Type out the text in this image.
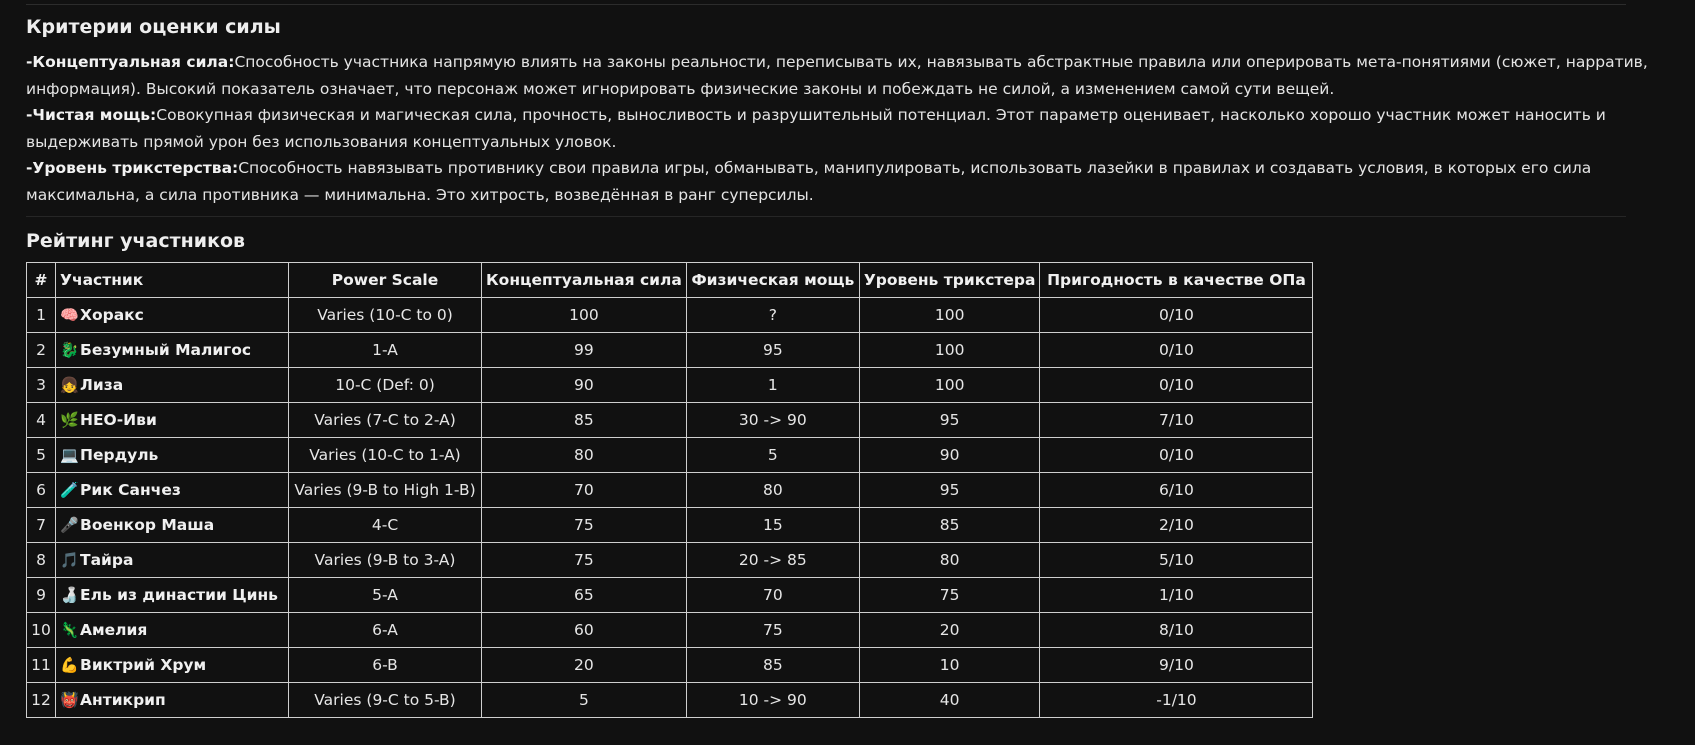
Критерии оценки силы

-Концептуальная сила:Способность участника напрямую влиять на законы реальности, переписывать их, навязывать абстрактные правила или оперировать мета-понятиями (сюжет, нарратив, информация). Высокий показатель означает, что персонаж может игнорировать физические законы и побеждать не силой, а изменением самой сути вещей.

-Чистая мощь:Совокупная физическая и магическая сила, прочность, выносливость и разрушительный потенциал. Этот параметр оценивает, насколько хорошо участник может наносить и выдерживать прямой урон без использования концептуальных уловок.

-Уровень трикстерства:Способность навязывать противнику свои правила игры, обманывать, манипулировать, использовать лазейки в правилах и создавать условия, в которых его сила максимальна, а сила противника — минимальна. Это хитрость, возведённая в ранг суперсилы.

Рейтинг участников
#	Участник	Power Scale	Концептуальная сила	Физическая мощь	Уровень трикстера	Пригодность в качестве ОПа
1	🧠Хоракс	Varies (10-C to 0)	100	?	100	0/10
2	🐉Безумный Малигос	1-A	99	95	100	0/10
3	👧Лиза	10-C (Def: 0)	90	1	100	0/10
4	🌿НЕО-Иви	Varies (7-C to 2-A)	85	30 -> 90	95	7/10
5	💻Пердуль	Varies (10-C to 1-A)	80	5	90	0/10
6	🧪Рик Санчез	Varies (9-B to High 1-B)	70	80	95	6/10
7	🎤Военкор Маша	4-C	75	15	85	2/10
8	🎵Тайра	Varies (9-B to 3-A)	75	20 -> 85	80	5/10
9	🍶Ель из династии Цинь	5-A	65	70	75	1/10
10	🦎Амелия	6-A	60	75	20	8/10
11	💪Виктрий Хрум	6-B	20	85	10	9/10
12	👹Антикрип	Varies (9-C to 5-B)	5	10 -> 90	40	-1/10
